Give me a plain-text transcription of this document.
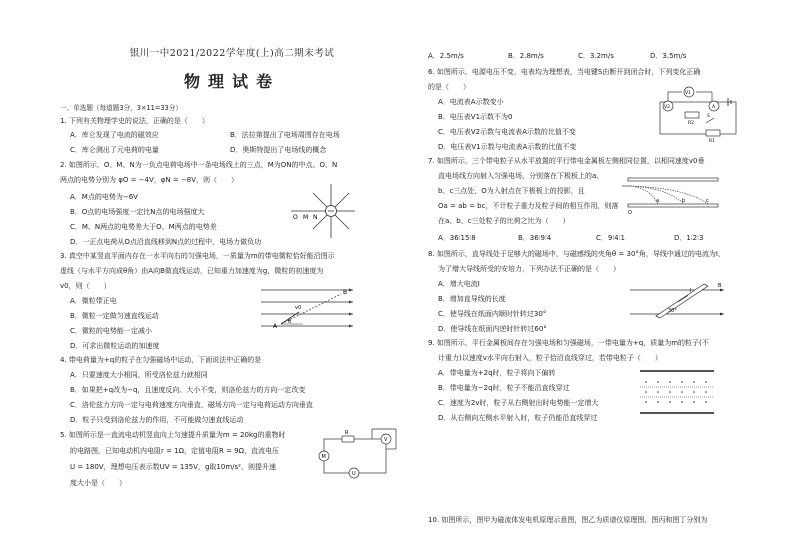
银川一中2021/2022学年度(上)高二期末考试
物理试卷
一、单选题（每道题3分，3×11=33分）
1. 下列有关物理学史的说法，正确的是（　　）
A．库仑发现了电流的磁效应	B．法拉第提出了电场周围存在电场
C．库仑测出了元电荷的电量	D．奥斯特提出了电场线的概念
2. 如图所示，O、M、N为一负点电荷电场中一条电场线上的三点，M为ON的中点。O、N
两点的电势分别为 φO = −4V，φN = −8V，则（　　）
A．M点的电势为−6V
B．O点的电场强度一定比N点的电场强度大
C．M、N两点的电势差大于O、M两点的电势差
D．一正点电荷从O点沿直线移到N点的过程中，电场力做负功
O M N
3. 真空中某竖直平面内存在一水平向右的匀强电场，一质量为m的带电微粒恰好能沿图示
虚线（与水平方向成θ角）由A向B做直线运动，已知重力加速度为g，微粒的初速度为
v0，则（　　）
A．微粒带正电
B．微粒一定做匀速直线运动
C．微粒的电势能一定减小
D．可求出微粒运动的加速度
B
A
θ
v0
4. 带电荷量为+q的粒子在匀强磁场中运动，下面说法中正确的是
A．只要速度大小相同，所受洛伦兹力就相同
B．如果把+q改为−q，且速度反向、大小不变，则洛伦兹力的方向一定改变
C．洛伦兹力方向一定与电荷速度方向垂直，磁场方向一定与电荷运动方向垂直
D．粒子只受到洛伦兹力的作用，不可能做匀速直线运动
5. 如图所示是一直流电动机竖直向上匀速提升质量为m = 20kg的重物时
的电路图，已知电动机内电阻r = 1Ω，定值电阻R = 9Ω，直流电压
U = 180V，理想电压表示数UV = 135V，g取10m/s²，则提升速
度大小是（　　）
V
M
R
U
A．2.5m/s	B．2.8m/s	C．3.2m/s	D．3.5m/s
6. 如图所示，电源电压不变，电表均为理想表，当电键S由断开到闭合时，下列变化正确
的是（　　）
A．电流表A示数变小
B．电压表V1示数不为0
C．电压表V2示数与电流表A示数的比值不变
D．电压表V1示数与电流表A示数的比值不变
V2
V1
A
R2
S
R1
7. 如图所示，三个带电粒子从水平放置的平行带电金属板左侧相同位置，以相同速度v0垂
直电场线方向射入匀强电场，分别落在下极板上的a、
b、c三点处，O为入射点在下极板上的投影，且
Oa = ab = bc，不计粒子重力及粒子间的相互作用，则落
在a、b、c三处粒子的比荷之比为（　　）
A．36∶15∶8	B．36∶9∶4	C．9∶4∶1	D．1∶2∶3
O
a	b	c
8. 如图所示，直导线处于足够大的磁场中，与磁感线的夹角θ = 30°角，导线中通过的电流为I，
为了增大导线所受的安培力，下列办法不正确的是（　　）
A．增大电流I
B．增加直导线的长度
C．使导线在纸面内顺时针转过30°
D．使导线在纸面内逆时针转过60°
B
I
30°
9. 如图所示，平行金属板间存在匀强电场和匀强磁场，一带电量为+q，质量为m的粒子(不
计重力)以速度v水平向右射入，粒子恰沿直线穿过，若带电粒子（　　）
A．带电量为+2q时，粒子将向下偏转
B．带电量为−2q时，粒子不能沿直线穿过
C．速度为2v时，粒子从右侧射出时电势能一定增大
D．从右侧向左侧水平射入时，粒子仍能沿直线穿过
10. 如图所示，图甲为磁流体发电机原理示意图，图乙为质谱仪原理图，图丙和图丁分别为
